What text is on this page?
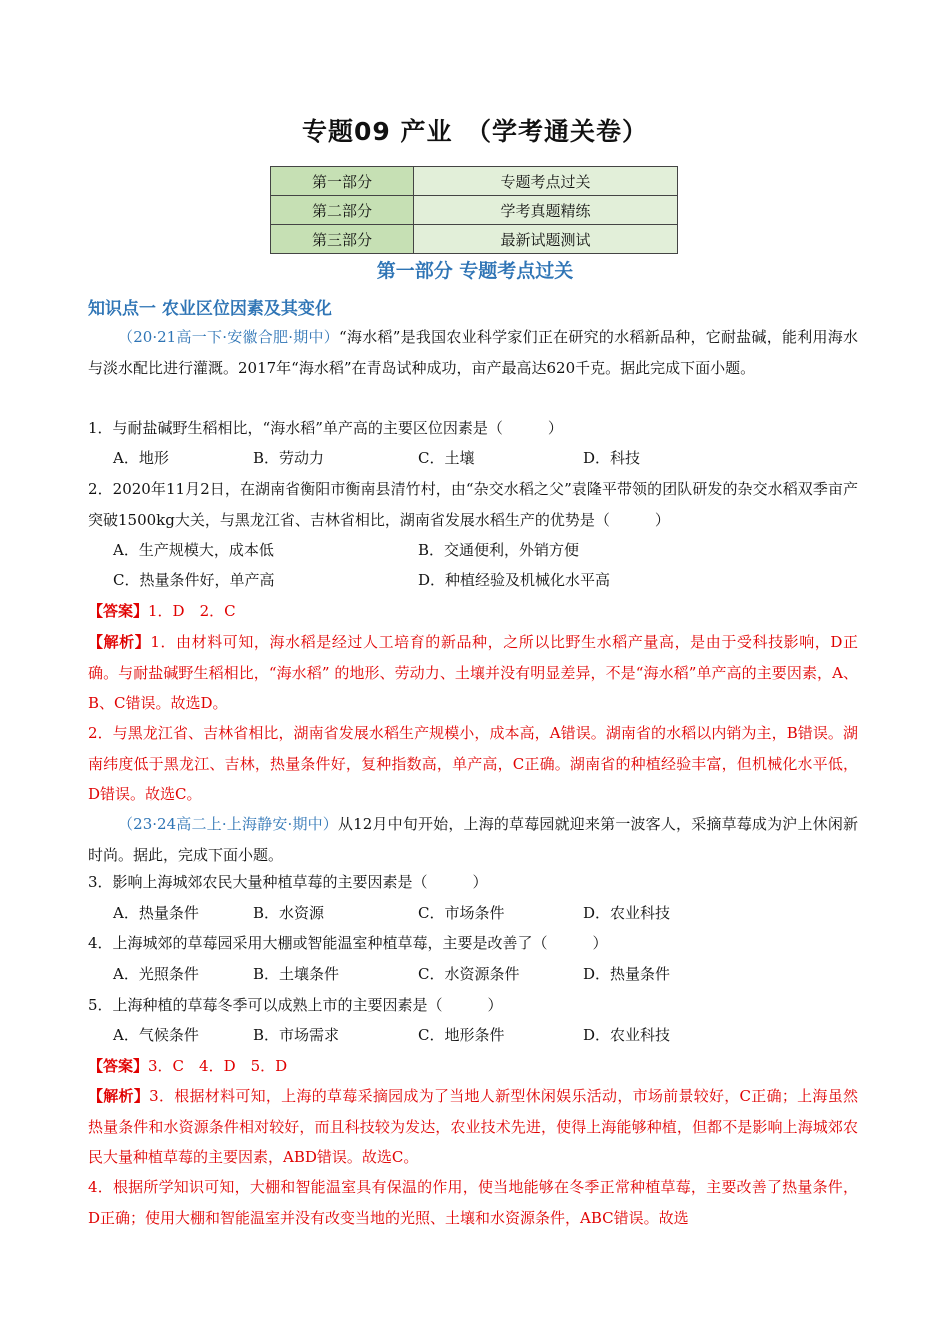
专题09 产业　（学考通关卷）
第一部分	专题考点过关
第二部分	学考真题精练
第三部分	最新试题测试
第一部分 专题考点过关
知识点一 农业区位因素及其变化

（20·21高一下·安徽合肥·期中）“海水稻”是我国农业科学家们正在研究的水稻新品种，它耐盐碱，能利用海水与淡水配比进行灌溉。2017年“海水稻”在青岛试种成功，亩产最高达620千克。据此完成下面小题。

1．与耐盐碱野生稻相比，“海水稻”单产高的主要区位因素是（　　　）

A．地形	B．劳动力	C．土壤	D．科技

2．2020年11月2日，在湖南省衡阳市衡南县清竹村，由“杂交水稻之父”袁隆平带领的团队研发的杂交水稻双季亩产突破1500kg大关，与黑龙江省、吉林省相比，湖南省发展水稻生产的优势是（　　　）

A．生产规模大，成本低	B．交通便利，外销方便
C．热量条件好，单产高	D．种植经验及机械化水平高

【答案】1．D　2．C

【解析】1．由材料可知，海水稻是经过人工培育的新品种，之所以比野生水稻产量高，是由于受科技影响，D正确。与耐盐碱野生稻相比，“海水稻” 的地形、劳动力、土壤并没有明显差异，不是“海水稻”单产高的主要因素，A、B、C错误。故选D。

2．与黑龙江省、吉林省相比，湖南省发展水稻生产规模小，成本高，A错误。湖南省的水稻以内销为主，B错误。湖南纬度低于黑龙江、吉林，热量条件好，复种指数高，单产高，C正确。湖南省的种植经验丰富，但机械化水平低，D错误。故选C。

（23·24高二上·上海静安·期中）从12月中旬开始，上海的草莓园就迎来第一波客人，采摘草莓成为沪上休闲新时尚。据此，完成下面小题。

3．影响上海城郊农民大量种植草莓的主要因素是（　　　）

A．热量条件	B．水资源	C．市场条件	D．农业科技

4．上海城郊的草莓园采用大棚或智能温室种植草莓，主要是改善了（　　　）

A．光照条件	B．土壤条件	C．水资源条件	D．热量条件

5．上海种植的草莓冬季可以成熟上市的主要因素是（　　　）

A．气候条件	B．市场需求	C．地形条件	D．农业科技

【答案】3．C　4．D　5．D

【解析】3．根据材料可知，上海的草莓采摘园成为了当地人新型休闲娱乐活动，市场前景较好，C正确；上海虽然热量条件和水资源条件相对较好，而且科技较为发达，农业技术先进，使得上海能够种植，但都不是影响上海城郊农民大量种植草莓的主要因素，ABD错误。故选C。

4．根据所学知识可知，大棚和智能温室具有保温的作用，使当地能够在冬季正常种植草莓，主要改善了热量条件，D正确；使用大棚和智能温室并没有改变当地的光照、土壤和水资源条件，ABC错误。故选
